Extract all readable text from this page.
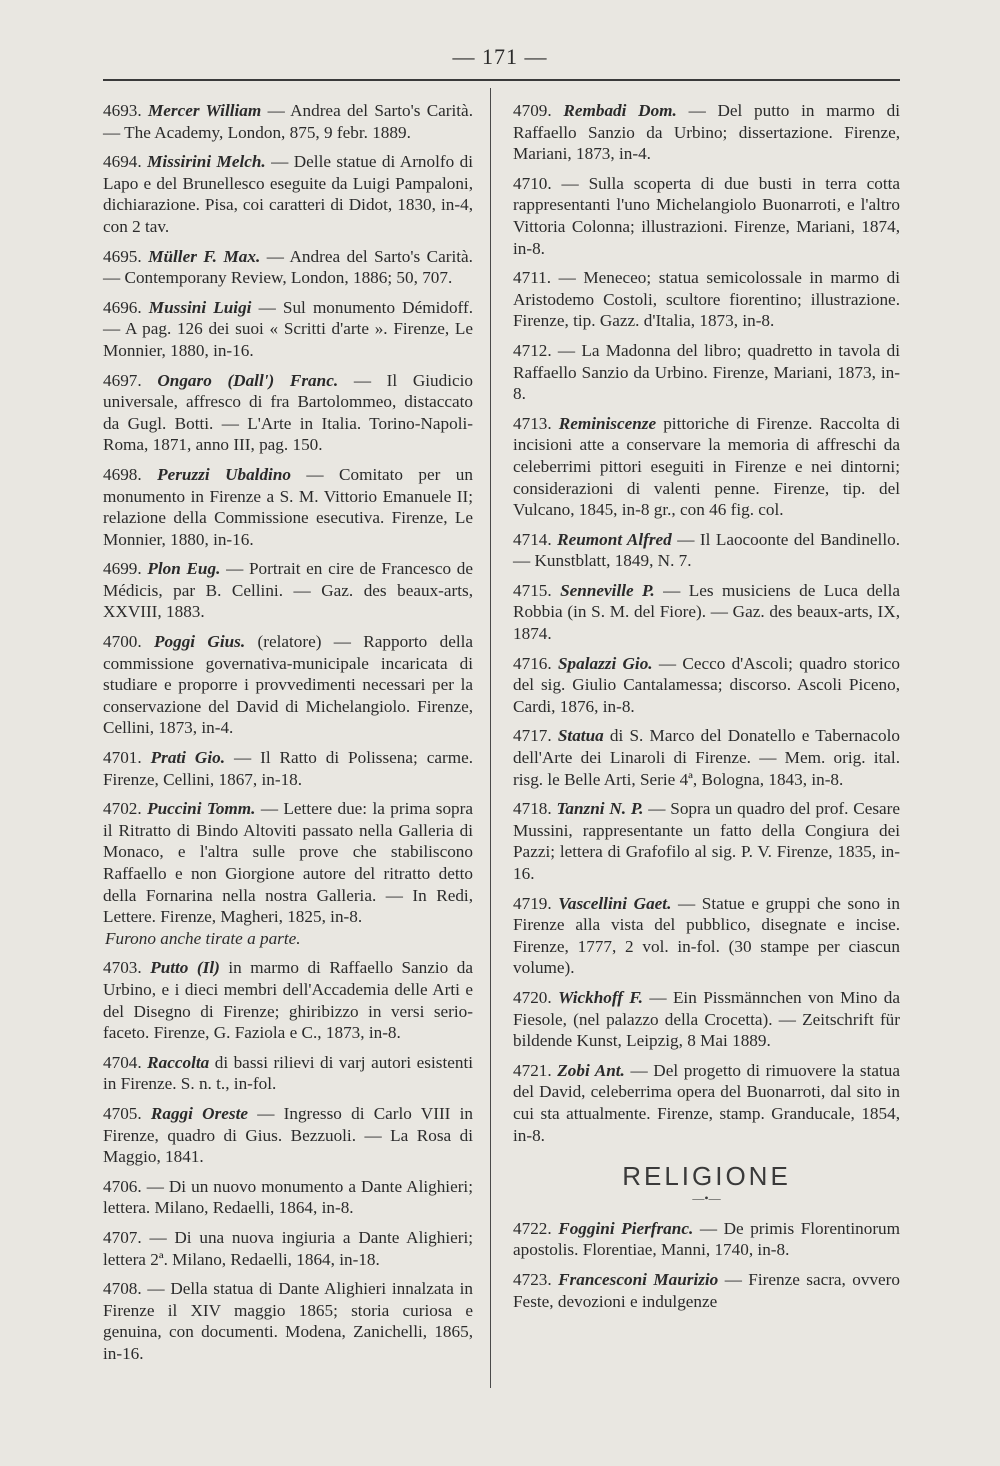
— 171 —

4693. Mercer William — Andrea del Sarto's Carità. — The Academy, London, 875, 9 febr. 1889.

4694. Missirini Melch. — Delle statue di Arnolfo di Lapo e del Brunellesco eseguite da Luigi Pampaloni, dichiarazione. Pisa, coi caratteri di Didot, 1830, in-4, con 2 tav.

4695. Müller F. Max. — Andrea del Sarto's Carità. — Contemporany Review, London, 1886; 50, 707.

4696. Mussini Luigi — Sul monumento Démidoff. — A pag. 126 dei suoi « Scritti d'arte ». Firenze, Le Monnier, 1880, in-16.

4697. Ongaro (Dall') Franc. — Il Giudicio universale, affresco di fra Bartolommeo, distaccato da Gugl. Botti. — L'Arte in Italia. Torino-Napoli-Roma, 1871, anno III, pag. 150.

4698. Peruzzi Ubaldino — Comitato per un monumento in Firenze a S. M. Vittorio Emanuele II; relazione della Commissione esecutiva. Firenze, Le Monnier, 1880, in-16.

4699. Plon Eug. — Portrait en cire de Francesco de Médicis, par B. Cellini. — Gaz. des beaux-arts, XXVIII, 1883.

4700. Poggi Gius. (relatore) — Rapporto della commissione governativa-municipale incaricata di studiare e proporre i provvedimenti necessari per la conservazione del David di Michelangiolo. Firenze, Cellini, 1873, in-4.

4701. Prati Gio. — Il Ratto di Polissena; carme. Firenze, Cellini, 1867, in-18.

4702. Puccini Tomm. — Lettere due: la prima sopra il Ritratto di Bindo Altoviti passato nella Galleria di Monaco, e l'altra sulle prove che stabiliscono Raffaello e non Giorgione autore del ritratto detto della Fornarina nella nostra Galleria. — In Redi, Lettere. Firenze, Magheri, 1825, in-8.
Furono anche tirate a parte.

4703. Putto (Il) in marmo di Raffaello Sanzio da Urbino, e i dieci membri dell'Accademia delle Arti e del Disegno di Firenze; ghiribizzo in versi serio-faceto. Firenze, G. Faziola e C., 1873, in-8.

4704. Raccolta di bassi rilievi di varj autori esistenti in Firenze. S. n. t., in-fol.

4705. Raggi Oreste — Ingresso di Carlo VIII in Firenze, quadro di Gius. Bezzuoli. — La Rosa di Maggio, 1841.

4706. — Di un nuovo monumento a Dante Alighieri; lettera. Milano, Redaelli, 1864, in-8.

4707. — Di una nuova ingiuria a Dante Alighieri; lettera 2ª. Milano, Redaelli, 1864, in-18.

4708. — Della statua di Dante Alighieri innalzata in Firenze il XIV maggio 1865; storia curiosa e genuina, con documenti. Modena, Zanichelli, 1865, in-16.

4709. Rembadi Dom. — Del putto in marmo di Raffaello Sanzio da Urbino; dissertazione. Firenze, Mariani, 1873, in-4.

4710. — Sulla scoperta di due busti in terra cotta rappresentanti l'uno Michelangiolo Buonarroti, e l'altro Vittoria Colonna; illustrazioni. Firenze, Mariani, 1874, in-8.

4711. — Meneceo; statua semicolossale in marmo di Aristodemo Costoli, scultore fiorentino; illustrazione. Firenze, tip. Gazz. d'Italia, 1873, in-8.

4712. — La Madonna del libro; quadretto in tavola di Raffaello Sanzio da Urbino. Firenze, Mariani, 1873, in-8.

4713. Reminiscenze pittoriche di Firenze. Raccolta di incisioni atte a conservare la memoria di affreschi da celeberrimi pittori eseguiti in Firenze e nei dintorni; considerazioni di valenti penne. Firenze, tip. del Vulcano, 1845, in-8 gr., con 46 fig. col.

4714. Reumont Alfred — Il Laocoonte del Bandinello. — Kunstblatt, 1849, N. 7.

4715. Senneville P. — Les musiciens de Luca della Robbia (in S. M. del Fiore). — Gaz. des beaux-arts, IX, 1874.

4716. Spalazzi Gio. — Cecco d'Ascoli; quadro storico del sig. Giulio Cantalamessa; discorso. Ascoli Piceno, Cardi, 1876, in-8.

4717. Statua di S. Marco del Donatello e Tabernacolo dell'Arte dei Linaroli di Firenze. — Mem. orig. ital. risg. le Belle Arti, Serie 4ª, Bologna, 1843, in-8.

4718. Tanzni N. P. — Sopra un quadro del prof. Cesare Mussini, rappresentante un fatto della Congiura dei Pazzi; lettera di Grafofilo al sig. P. V. Firenze, 1835, in-16.

4719. Vascellini Gaet. — Statue e gruppi che sono in Firenze alla vista del pubblico, disegnate e incise. Firenze, 1777, 2 vol. in-fol. (30 stampe per ciascun volume).

4720. Wickhoff F. — Ein Pissmännchen von Mino da Fiesole, (nel palazzo della Crocetta). — Zeitschrift für bildende Kunst, Leipzig, 8 Mai 1889.

4721. Zobi Ant. — Del progetto di rimuovere la statua del David, celeberrima opera del Buonarroti, dal sito in cui sta attualmente. Firenze, stamp. Granducale, 1854, in-8.

RELIGIONE
—•—

4722. Foggini Pierfranc. — De primis Florentinorum apostolis. Florentiae, Manni, 1740, in-8.

4723. Francesconi Maurizio — Firenze sacra, ovvero Feste, devozioni e indulgenze
